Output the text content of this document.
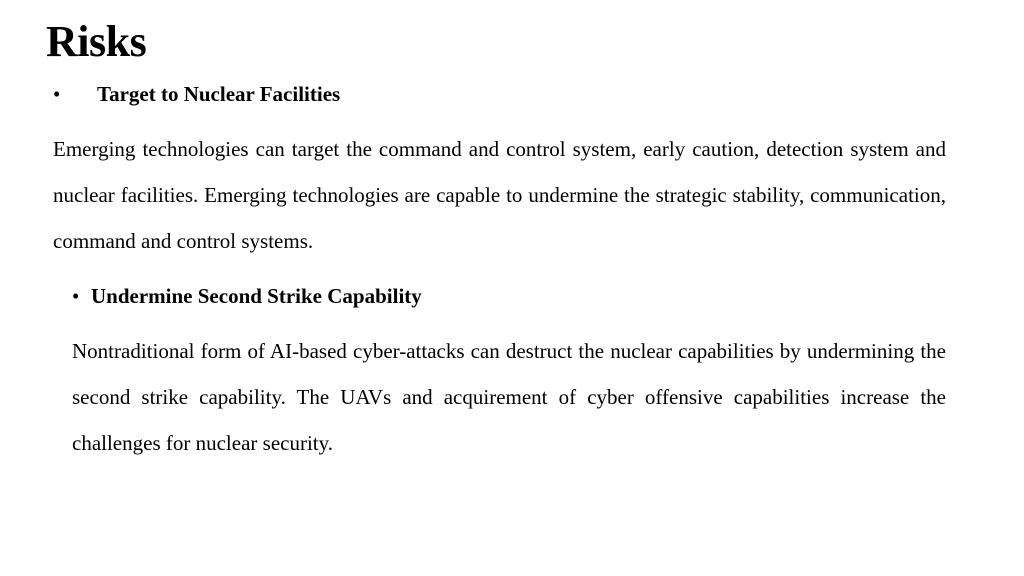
Risks
• Target to Nuclear Facilities
Emerging technologies can target the command and control system, early caution, detection system and nuclear facilities. Emerging technologies are capable to undermine the strategic stability, communication, command and control systems.
• Undermine Second Strike Capability
Nontraditional form of AI-based cyber-attacks can destruct the nuclear capabilities by undermining the second strike capability. The UAVs and acquirement of cyber offensive capabilities increase the challenges for nuclear security.
